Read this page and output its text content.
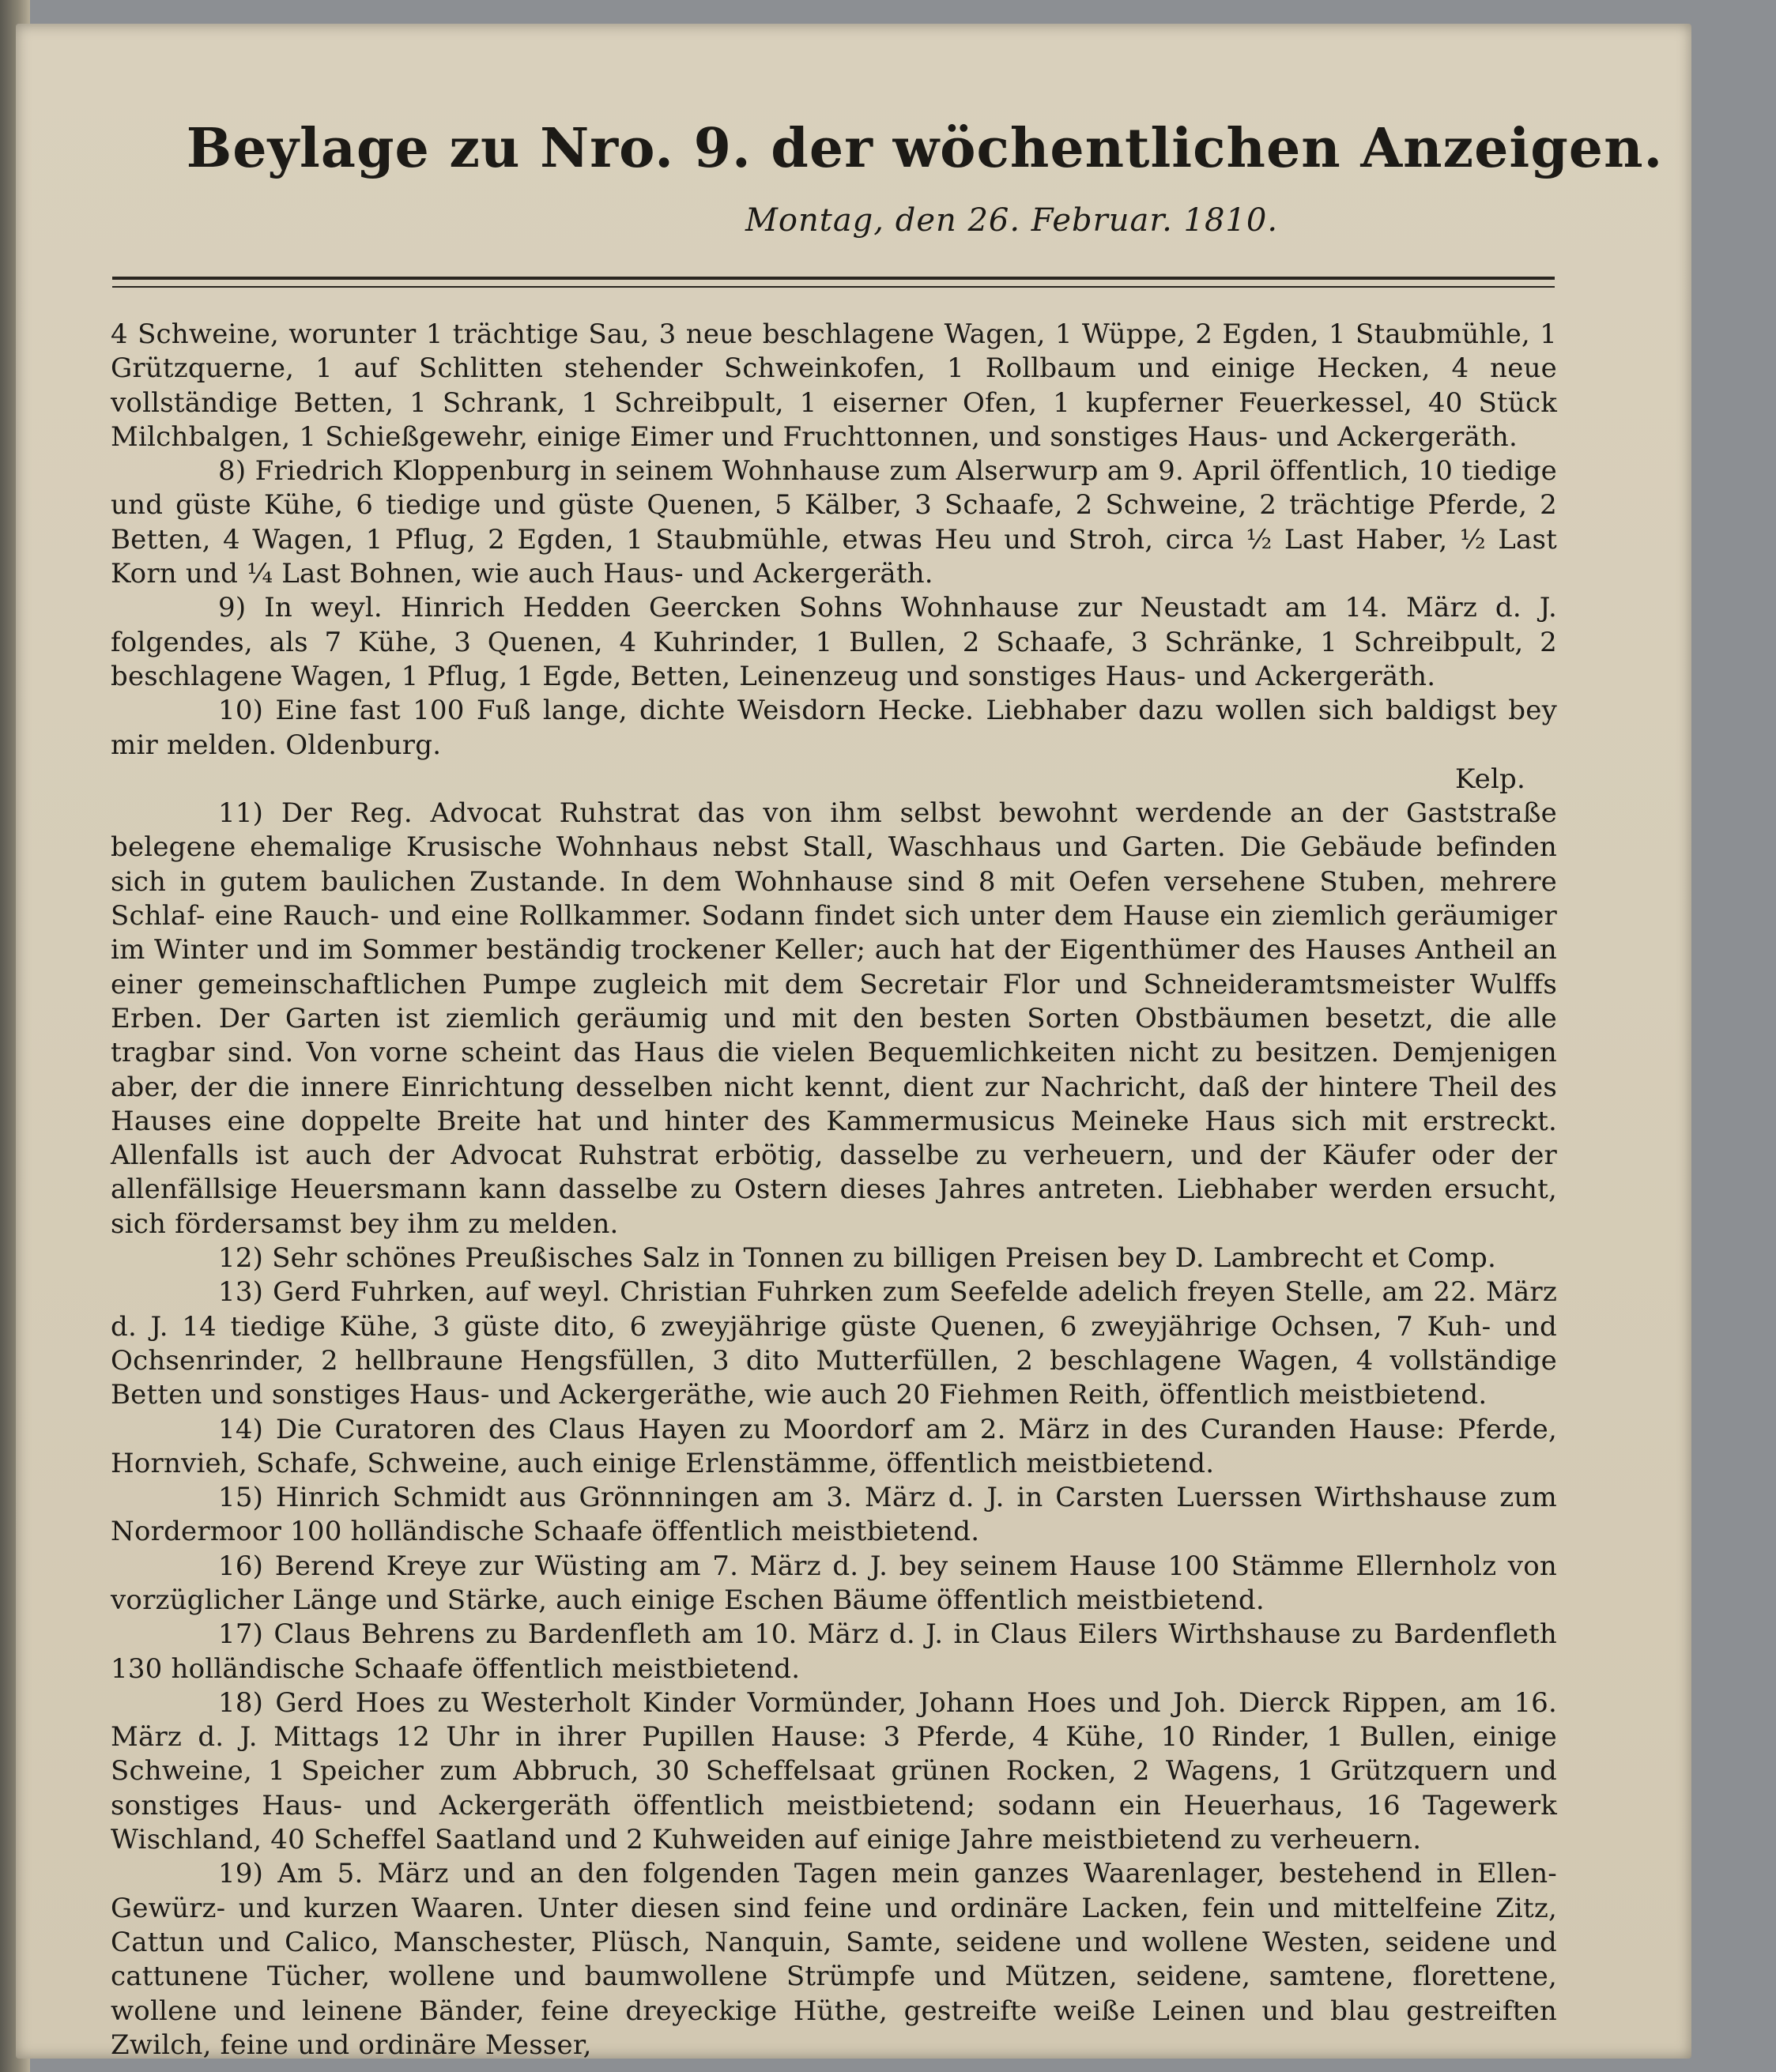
Beylage zu Nro. 9. der wöchentlichen Anzeigen.
Montag, den 26. Februar. 1810.

4 Schweine, worunter 1 trächtige Sau, 3 neue beschlagene Wagen, 1 Wüppe, 2 Egden, 1 Staubmühle, 1 Grützquerne, 1 auf Schlitten stehender Schweinkofen, 1 Rollbaum und einige Hecken, 4 neue vollständige Betten, 1 Schrank, 1 Schreibpult, 1 eiserner Ofen, 1 kupferner Feuerkessel, 40 Stück Milchbalgen, 1 Schießgewehr, einige Eimer und Fruchttonnen, und sonstiges Haus- und Ackergeräth.

8) Friedrich Kloppenburg in seinem Wohnhause zum Alserwurp am 9. April öffentlich, 10 tiedige und güste Kühe, 6 tiedige und güste Quenen, 5 Kälber, 3 Schaafe, 2 Schweine, 2 trächtige Pferde, 2 Betten, 4 Wagen, 1 Pflug, 2 Egden, 1 Staubmühle, etwas Heu und Stroh, circa ½ Last Haber, ½ Last Korn und ¼ Last Bohnen, wie auch Haus- und Ackergeräth.

9) In weyl. Hinrich Hedden Geercken Sohns Wohnhause zur Neustadt am 14. März d. J. folgendes, als 7 Kühe, 3 Quenen, 4 Kuhrinder, 1 Bullen, 2 Schaafe, 3 Schränke, 1 Schreibpult, 2 beschlagene Wagen, 1 Pflug, 1 Egde, Betten, Leinenzeug und sonstiges Haus- und Ackergeräth.

10) Eine fast 100 Fuß lange, dichte Weisdorn Hecke. Liebhaber dazu wollen sich baldigst bey mir melden. Oldenburg.

Kelp.

11) Der Reg. Advocat Ruhstrat das von ihm selbst bewohnt werdende an der Gaststraße belegene ehemalige Krusische Wohnhaus nebst Stall, Waschhaus und Garten. Die Gebäude befinden sich in gutem baulichen Zustande. In dem Wohnhause sind 8 mit Oefen versehene Stuben, mehrere Schlaf- eine Rauch- und eine Rollkammer. Sodann findet sich unter dem Hause ein ziemlich geräumiger im Winter und im Sommer beständig trockener Keller; auch hat der Eigenthümer des Hauses Antheil an einer gemeinschaftlichen Pumpe zugleich mit dem Secretair Flor und Schneideramtsmeister Wulffs Erben. Der Garten ist ziemlich geräumig und mit den besten Sorten Obstbäumen besetzt, die alle tragbar sind. Von vorne scheint das Haus die vielen Bequemlichkeiten nicht zu besitzen. Demjenigen aber, der die innere Einrichtung desselben nicht kennt, dient zur Nachricht, daß der hintere Theil des Hauses eine doppelte Breite hat und hinter des Kammermusicus Meineke Haus sich mit erstreckt. Allenfalls ist auch der Advocat Ruhstrat erbötig, dasselbe zu verheuern, und der Käufer oder der allenfällsige Heuersmann kann dasselbe zu Ostern dieses Jahres antreten. Liebhaber werden ersucht, sich fördersamst bey ihm zu melden.

12) Sehr schönes Preußisches Salz in Tonnen zu billigen Preisen bey D. Lambrecht et Comp.

13) Gerd Fuhrken, auf weyl. Christian Fuhrken zum Seefelde adelich freyen Stelle, am 22. März d. J. 14 tiedige Kühe, 3 güste dito, 6 zweyjährige güste Quenen, 6 zweyjährige Ochsen, 7 Kuh- und Ochsenrinder, 2 hellbraune Hengsfüllen, 3 dito Mutterfüllen, 2 beschlagene Wagen, 4 vollständige Betten und sonstiges Haus- und Ackergeräthe, wie auch 20 Fiehmen Reith, öffentlich meistbietend.

14) Die Curatoren des Claus Hayen zu Moordorf am 2. März in des Curanden Hause: Pferde, Hornvieh, Schafe, Schweine, auch einige Erlenstämme, öffentlich meistbietend.

15) Hinrich Schmidt aus Grönnningen am 3. März d. J. in Carsten Luerssen Wirthshause zum Nordermoor 100 holländische Schaafe öffentlich meistbietend.

16) Berend Kreye zur Wüsting am 7. März d. J. bey seinem Hause 100 Stämme Ellernholz von vorzüglicher Länge und Stärke, auch einige Eschen Bäume öffentlich meistbietend.

17) Claus Behrens zu Bardenfleth am 10. März d. J. in Claus Eilers Wirthshause zu Bardenfleth 130 holländische Schaafe öffentlich meistbietend.

18) Gerd Hoes zu Westerholt Kinder Vormünder, Johann Hoes und Joh. Dierck Rippen, am 16. März d. J. Mittags 12 Uhr in ihrer Pupillen Hause: 3 Pferde, 4 Kühe, 10 Rinder, 1 Bullen, einige Schweine, 1 Speicher zum Abbruch, 30 Scheffelsaat grünen Rocken, 2 Wagens, 1 Grützquern und sonstiges Haus- und Ackergeräth öffentlich meistbietend; sodann ein Heuerhaus, 16 Tagewerk Wischland, 40 Scheffel Saatland und 2 Kuhweiden auf einige Jahre meistbietend zu verheuern.

19) Am 5. März und an den folgenden Tagen mein ganzes Waarenlager, bestehend in Ellen- Gewürz- und kurzen Waaren. Unter diesen sind feine und ordinäre Lacken, fein und mittelfeine Zitz, Cattun und Calico, Manschester, Plüsch, Nanquin, Samte, seidene und wollene Westen, seidene und cattunene Tücher, wollene und baumwollene Strümpfe und Mützen, seidene, samtene, florettene, wollene und leinene Bänder, feine dreyeckige Hüthe, gestreifte weiße Leinen und blau gestreiften Zwilch, feine und ordinäre Messer,
